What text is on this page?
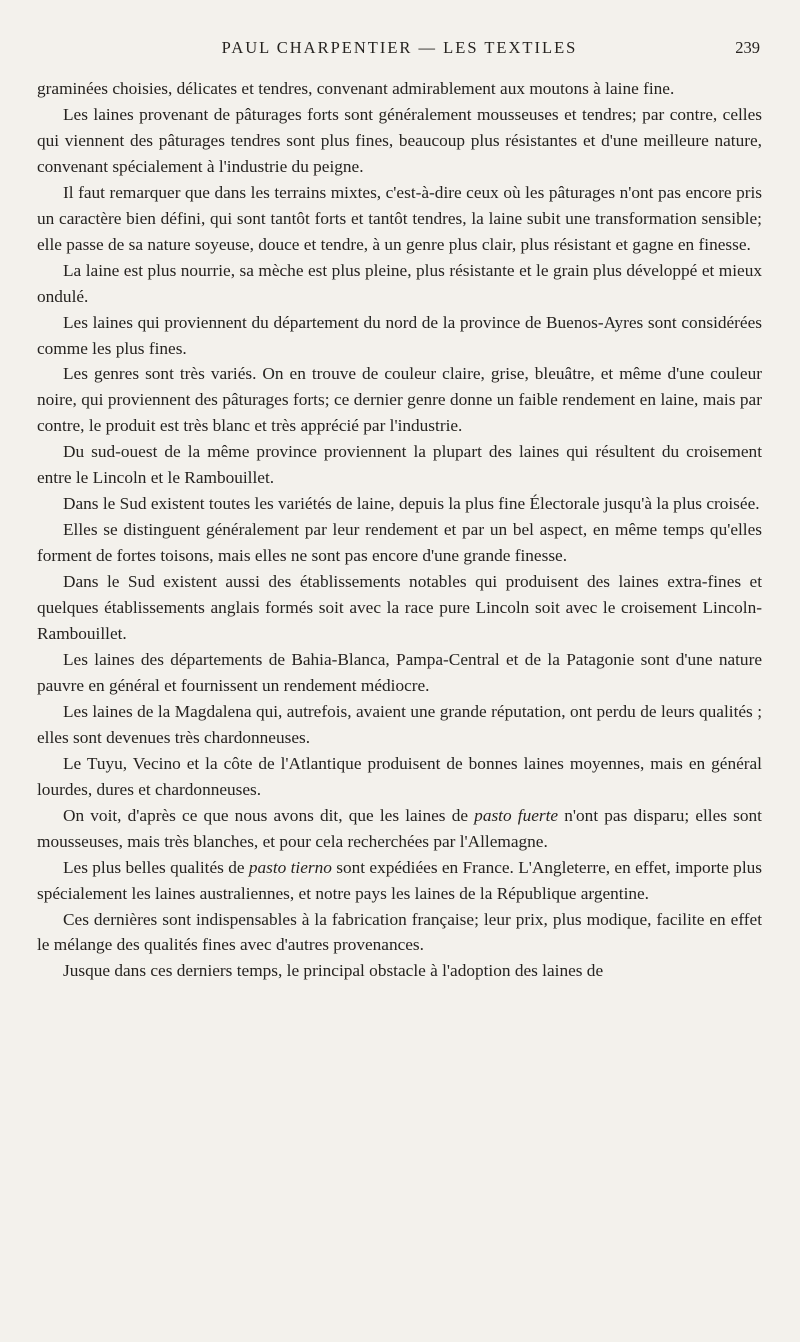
PAUL CHARPENTIER — LES TEXTILES	239

graminées choisies, délicates et tendres, convenant admirablement aux moutons à laine fine.

Les laines provenant de pâturages forts sont généralement mousseuses et tendres; par contre, celles qui viennent des pâturages tendres sont plus fines, beaucoup plus résistantes et d'une meilleure nature, convenant spécialement à l'industrie du peigne.

Il faut remarquer que dans les terrains mixtes, c'est-à-dire ceux où les pâturages n'ont pas encore pris un caractère bien défini, qui sont tantôt forts et tantôt tendres, la laine subit une transformation sensible; elle passe de sa nature soyeuse, douce et tendre, à un genre plus clair, plus résistant et gagne en finesse.

La laine est plus nourrie, sa mèche est plus pleine, plus résistante et le grain plus développé et mieux ondulé.

Les laines qui proviennent du département du nord de la province de Buenos-Ayres sont considérées comme les plus fines.

Les genres sont très variés. On en trouve de couleur claire, grise, bleuâtre, et même d'une couleur noire, qui proviennent des pâturages forts; ce dernier genre donne un faible rendement en laine, mais par contre, le produit est très blanc et très apprécié par l'industrie.

Du sud-ouest de la même province proviennent la plupart des laines qui résultent du croisement entre le Lincoln et le Rambouillet.

Dans le Sud existent toutes les variétés de laine, depuis la plus fine Électorale jusqu'à la plus croisée.

Elles se distinguent généralement par leur rendement et par un bel aspect, en même temps qu'elles forment de fortes toisons, mais elles ne sont pas encore d'une grande finesse.

Dans le Sud existent aussi des établissements notables qui produisent des laines extra-fines et quelques établissements anglais formés soit avec la race pure Lincoln soit avec le croisement Lincoln-Rambouillet.

Les laines des départements de Bahia-Blanca, Pampa-Central et de la Patagonie sont d'une nature pauvre en général et fournissent un rendement médiocre.

Les laines de la Magdalena qui, autrefois, avaient une grande réputation, ont perdu de leurs qualités ; elles sont devenues très chardonneuses.

Le Tuyu, Vecino et la côte de l'Atlantique produisent de bonnes laines moyennes, mais en général lourdes, dures et chardonneuses.

On voit, d'après ce que nous avons dit, que les laines de pasto fuerte n'ont pas disparu; elles sont mousseuses, mais très blanches, et pour cela recherchées par l'Allemagne.

Les plus belles qualités de pasto tierno sont expédiées en France. L'Angleterre, en effet, importe plus spécialement les laines australiennes, et notre pays les laines de la République argentine.

Ces dernières sont indispensables à la fabrication française; leur prix, plus modique, facilite en effet le mélange des qualités fines avec d'autres provenances.

Jusque dans ces derniers temps, le principal obstacle à l'adoption des laines de
